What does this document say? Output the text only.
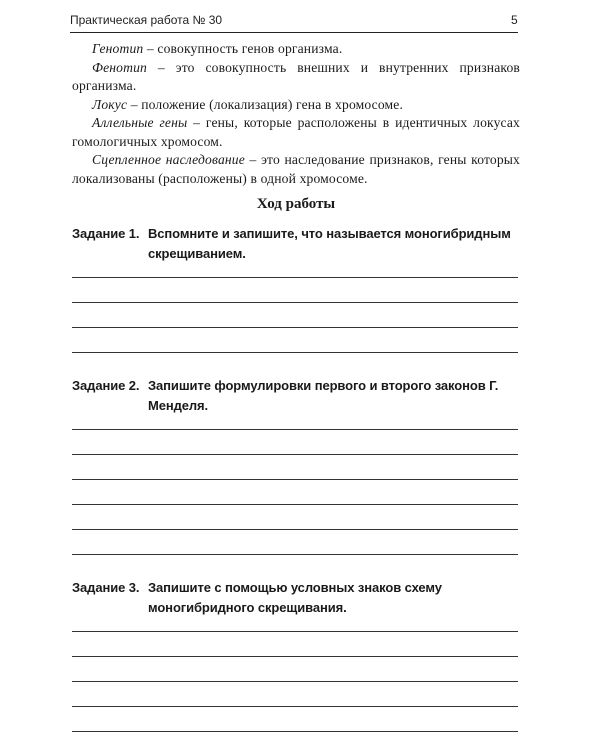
Практическая работа № 30	5

Генотип – совокупность генов организма.

Фенотип – это совокупность внешних и внутренних признаков организма.

Локус – положение (локализация) гена в хромосоме.

Аллельные гены – гены, которые расположены в идентичных локусах гомологичных хромосом.

Сцепленное наследование – это наследование признаков, гены которых локализованы (расположены) в одной хромосоме.

Ход работы
Задание 1. Вспомните и запишите, что называется моногибридным скрещиванием.
Задание 2. Запишите формулировки первого и второго законов Г. Менделя.
Задание 3. Запишите с помощью условных знаков схему моногибридного скрещивания.
